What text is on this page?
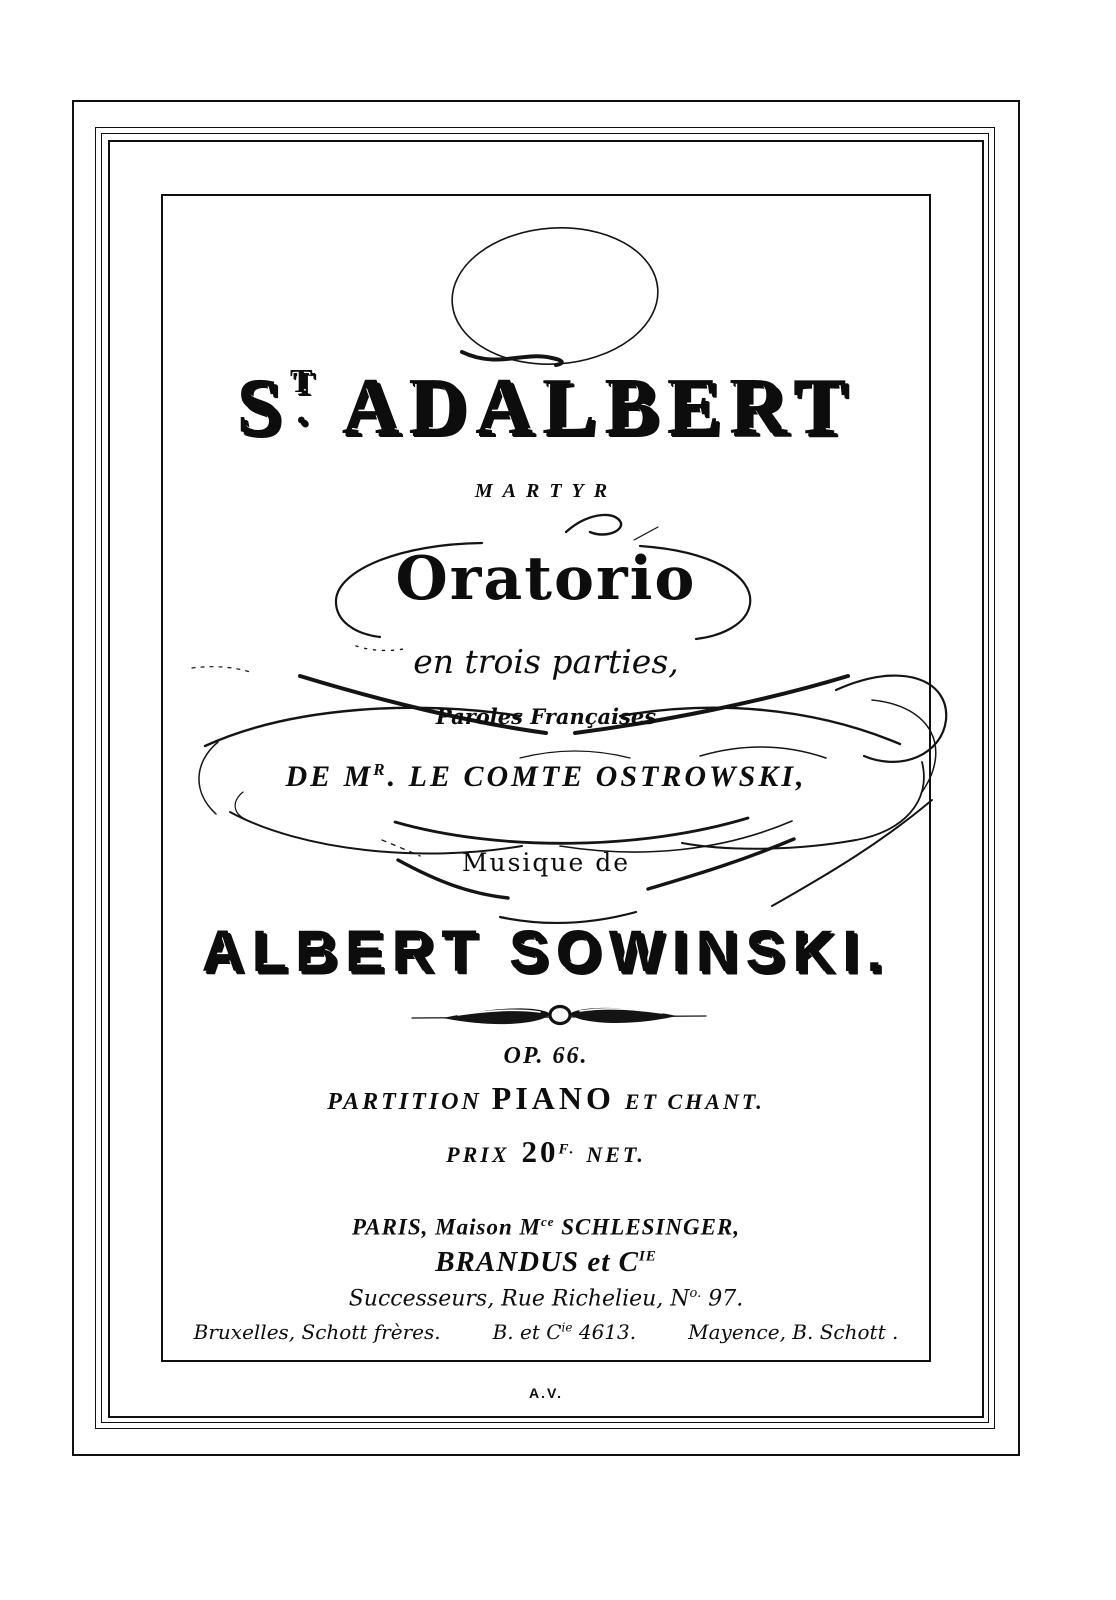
S T
. ADALBERT
MARTYR
Oratorio
en trois parties,
Paroles Françaises
DE $M^R$. LE COMTE OSTROWSKI,
Musique de
ALBERT SOWINSKI.
OP. 66.
PARTITION PIANO ET CHANT.
PRIX $20^{F.}$ NET.
PARIS, Maison $M^{ce}$ SCHLESINGER,
BRANDUS et $C^{IE}$
Successeurs, Rue Richelieu, $N^{o.}$ 97.
Bruxelles, Schott frères.	B. et $C^{ie}$ 4613.	Mayence, B. Schott .
A.V.
